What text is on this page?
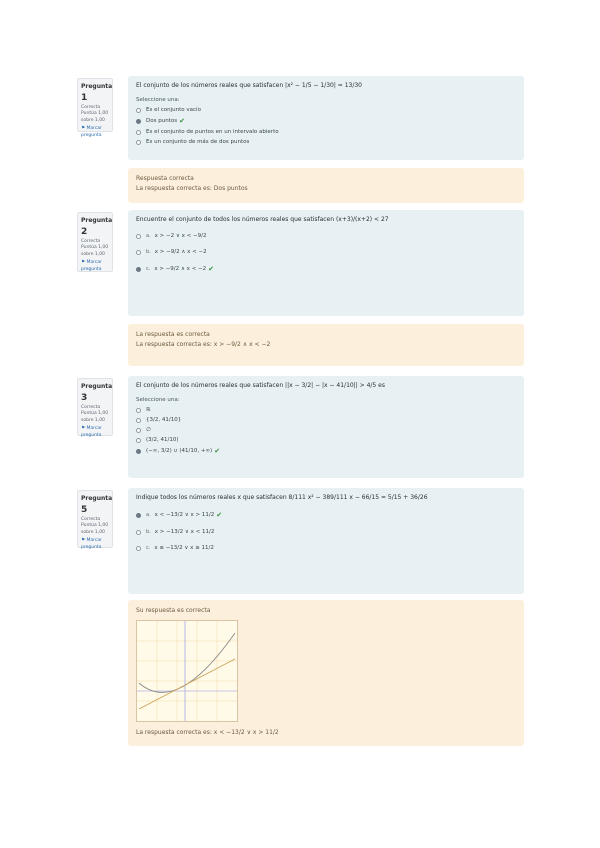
Pregunta 1
Correcta
Puntúa 1,00 sobre 1,00
⚑ Marcar pregunta
El conjunto de los números reales que satisfacen |x² − 1/5 − 1/30| = 13/30
Seleccione una:
Es el conjunto vacío
Dos puntos ✔
Es el conjunto de puntos en un intervalo abierto
Es un conjunto de más de dos puntos
Respuesta correcta
La respuesta correcta es: Dos puntos
Pregunta 2
Correcta
Puntúa 1,00 sobre 1,00
⚑ Marcar pregunta
Encuentre el conjunto de todos los números reales que satisfacen (x+3)/(x+2) < 27
a. x > −2 ∨ x < −9/2
b. x > −9/2 ∧ x < −2
c. x > −9/2 ∧ x < −2 ✔
La respuesta es correcta
La respuesta correcta es: x > −9/2 ∧ x < −2
Pregunta 3
Correcta
Puntúa 1,00 sobre 1,00
⚑ Marcar pregunta
El conjunto de los números reales que satisfacen ||x − 3/2| − |x − 41/10|| > 4/5 es
Seleccione una:
ℝ
{3/2, 41/10}
∅
(3/2, 41/10)
(−∞, 3/2) ∪ (41/10, +∞) ✔
Pregunta 5
Correcta
Puntúa 1,00 sobre 1,00
⚑ Marcar pregunta
Indique todos los números reales x que satisfacen 8/111 x² − 389/111 x − 66/15 = 5/15 + 36/26
a. x < −13/2 ∨ x > 11/2 ✔
b. x > −13/2 ∨ x < 11/2
c. x ≤ −13/2 ∨ x ≥ 11/2
Su respuesta es correcta
La respuesta correcta es: x < −13/2 ∨ x > 11/2
